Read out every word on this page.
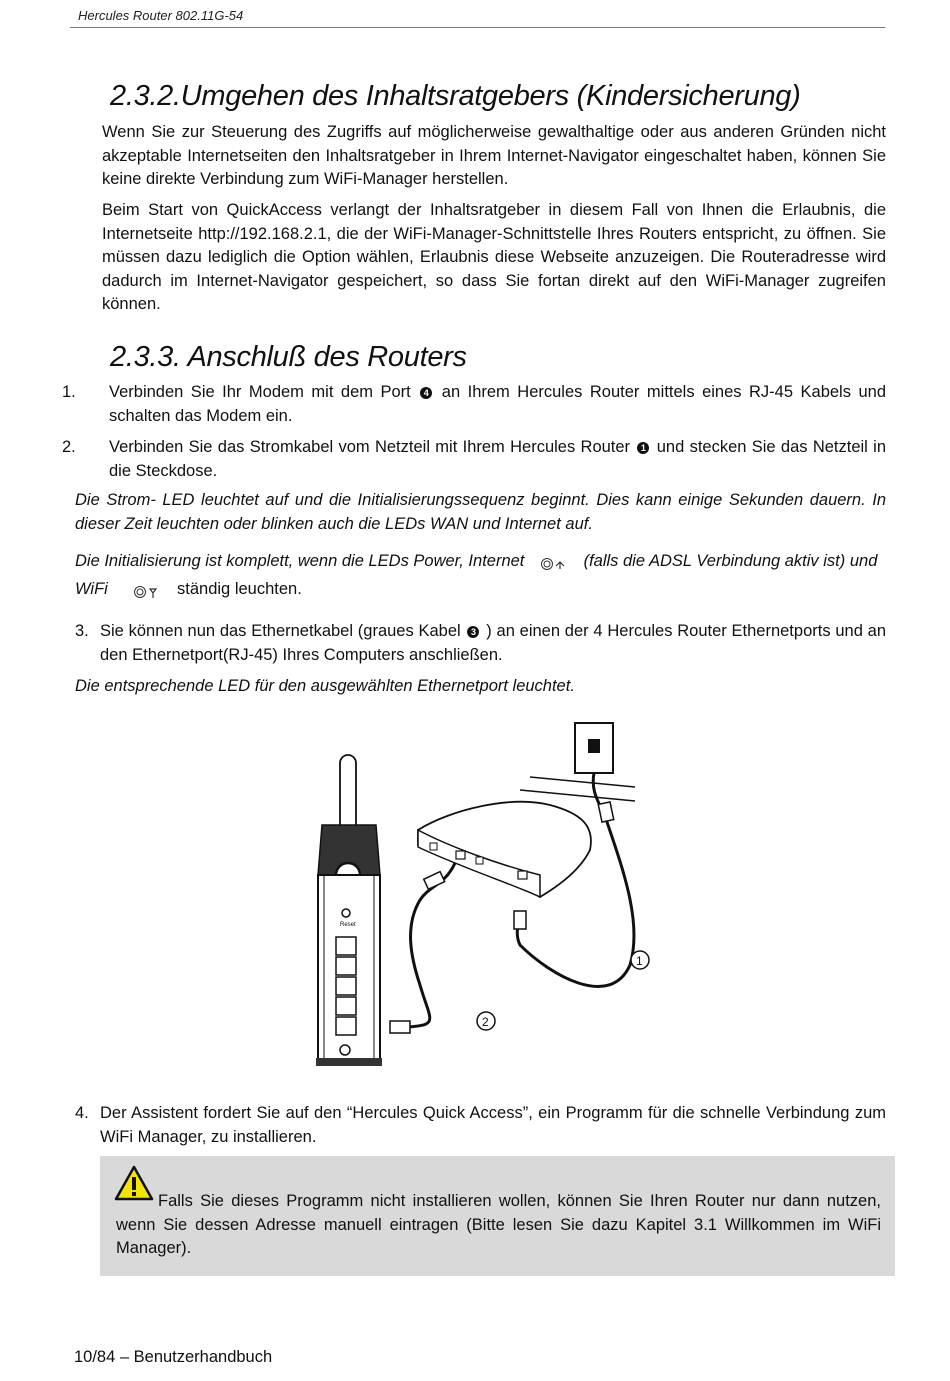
Hercules Router 802.11G-54
2.3.2.Umgehen des Inhaltsratgebers (Kindersicherung)

Wenn Sie zur Steuerung des Zugriffs auf möglicherweise gewalthaltige oder aus anderen Gründen nicht akzeptable Internetseiten den Inhaltsratgeber in Ihrem Internet-Navigator eingeschaltet haben, können Sie keine direkte Verbindung zum WiFi-Manager herstellen.

Beim Start von QuickAccess verlangt der Inhaltsratgeber in diesem Fall von Ihnen die Erlaubnis, die Internetseite http://192.168.2.1, die der WiFi-Manager-Schnittstelle Ihres Routers entspricht, zu öffnen. Sie müssen dazu lediglich die Option wählen, Erlaubnis diese Webseite anzuzeigen. Die Routeradresse wird dadurch im Internet-Navigator gespeichert, so dass Sie fortan direkt auf den WiFi-Manager zugreifen können.

2.3.3. Anschluß des Routers
1. Verbinden Sie Ihr Modem mit dem Port 4 an Ihrem Hercules Router mittels eines RJ-45 Kabels und schalten das Modem ein.

2. Verbinden Sie das Stromkabel vom Netzteil mit Ihrem Hercules Router 1 und stecken Sie das Netzteil in die Steckdose.

Die Strom- LED leuchtet auf und die Initialisierungssequenz beginnt. Dies kann einige Sekunden dauern. In dieser Zeit leuchten oder blinken auch die LEDs WAN und Internet auf.

Die Initialisierung ist komplett, wenn die LEDs Power, Internet	(falls die ADSL Verbindung aktiv ist) und
WiFi	ständig leuchten.
3. Sie können nun das Ethernetkabel (graues Kabel 3 ) an einen der 4 Hercules Router Ethernetports und an den Ethernetport(RJ-45) Ihres Computers anschließen.

Die entsprechende LED für den ausgewählten Ethernetport leuchtet.

Reset
1
2
4. Der Assistent fordert Sie auf den “Hercules Quick Access”, ein Programm für die schnelle Verbindung zum WiFi Manager, zu installieren.

Falls Sie dieses Programm nicht installieren wollen, können Sie Ihren Router nur dann nutzen, wenn Sie dessen Adresse manuell eintragen (Bitte lesen Sie dazu Kapitel 3.1 Willkommen im WiFi Manager).

10/84 – Benutzerhandbuch
